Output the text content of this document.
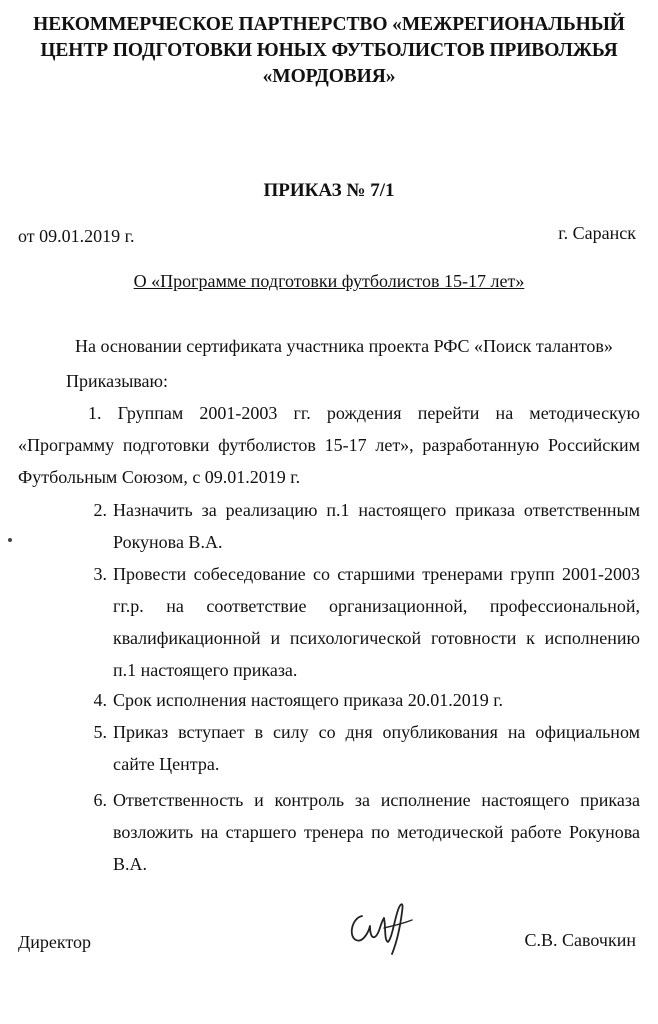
НЕКОММЕРЧЕСКОЕ ПАРТНЕРСТВО «МЕЖРЕГИОНАЛЬНЫЙ
ЦЕНТР ПОДГОТОВКИ ЮНЫХ ФУТБОЛИСТОВ ПРИВОЛЖЬЯ
«МОРДОВИЯ»
ПРИКАЗ № 7/1
от 09.01.2019 г.	г. Саранск
О «Программе подготовки футболистов 15-17 лет»
На основании сертификата участника проекта РФС «Поиск талантов»
Приказываю:
1. Группам 2001-2003 гг. рождения перейти на методическую
«Программу подготовки футболистов 15-17 лет», разработанную Российским
Футбольным Союзом, с 09.01.2019 г.
2. Назначить за реализацию п.1 настоящего приказа ответственным
Рокунова В.А.
3. Провести собеседование со старшими тренерами групп 2001-2003
гг.р. на соответствие организационной, профессиональной,
квалификационной и психологической готовности к исполнению
п.1 настоящего приказа.
4. Срок исполнения настоящего приказа 20.01.2019 г.
5. Приказ вступает в силу со дня опубликования на официальном
сайте Центра.
6. Ответственность и контроль за исполнение настоящего приказа
возложить на старшего тренера по методической работе Рокунова
В.А.
Директор	С.В. Савочкин
